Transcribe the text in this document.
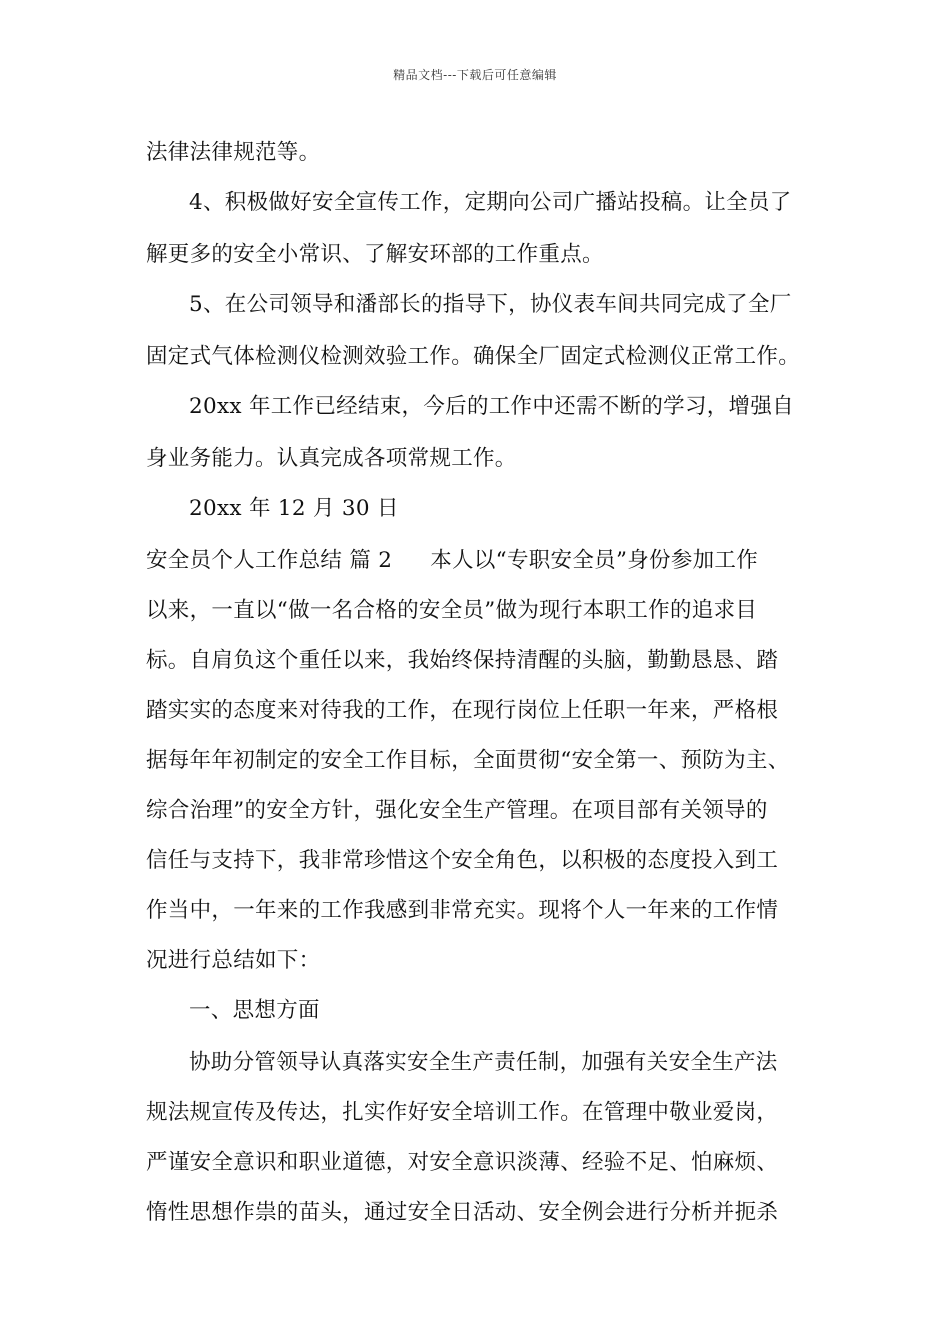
精品文档---下载后可任意编辑
法律法律规范等。
4、积极做好安全宣传工作，定期向公司广播站投稿。让全员了
解更多的安全小常识、了解安环部的工作重点。
5、在公司领导和潘部长的指导下，协仪表车间共同完成了全厂
固定式气体检测仪检测效验工作。确保全厂固定式检测仪正常工作。
20xx 年工作已经结束，今后的工作中还需不断的学习，增强自
身业务能力。认真完成各项常规工作。
20xx 年 12 月 30 日
安全员个人工作总结 篇 2 本人以“专职安全员”身份参加工作
以来，一直以“做一名合格的安全员”做为现行本职工作的追求目
标。自肩负这个重任以来，我始终保持清醒的头脑，勤勤恳恳、踏
踏实实的态度来对待我的工作，在现行岗位上任职一年来，严格根
据每年年初制定的安全工作目标，全面贯彻“安全第一、预防为主、
综合治理”的安全方针，强化安全生产管理。在项目部有关领导的
信任与支持下，我非常珍惜这个安全角色，以积极的态度投入到工
作当中，一年来的工作我感到非常充实。现将个人一年来的工作情
况进行总结如下：
一、思想方面
协助分管领导认真落实安全生产责任制，加强有关安全生产法
规法规宣传及传达，扎实作好安全培训工作。在管理中敬业爱岗，
严谨安全意识和职业道德，对安全意识淡薄、经验不足、怕麻烦、
惰性思想作祟的苗头，通过安全日活动、安全例会进行分析并扼杀
